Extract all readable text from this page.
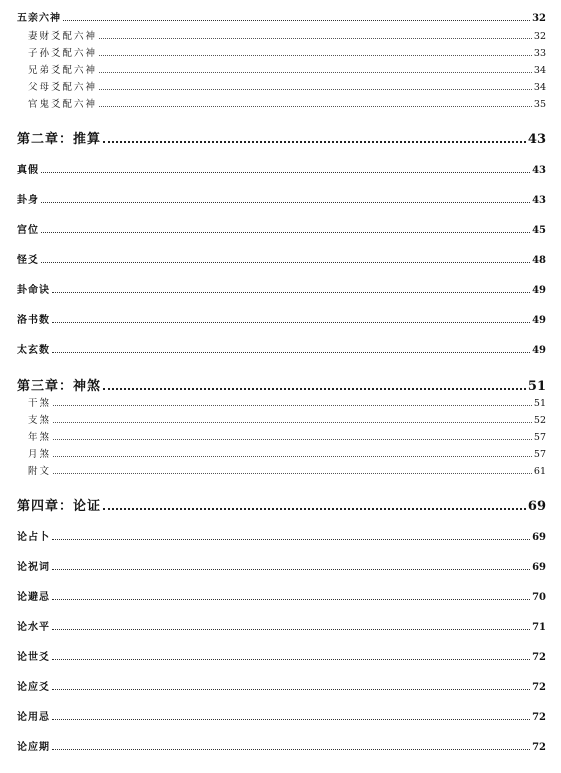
五亲六神	32
妻财爻配六神	32
子孙爻配六神	33
兄弟爻配六神	34
父母爻配六神	34
官鬼爻配六神	35
第二章：推算	43
真假	43
卦身	43
宫位	45
怪爻	48
卦命诀	49
洛书数	49
太玄数	49
第三章：神煞	51
干煞	51
支煞	52
年煞	57
月煞	57
附文	61
第四章：论证	69
论占卜	69
论祝词	69
论避忌	70
论水平	71
论世爻	72
论应爻	72
论用忌	72
论应期	72
